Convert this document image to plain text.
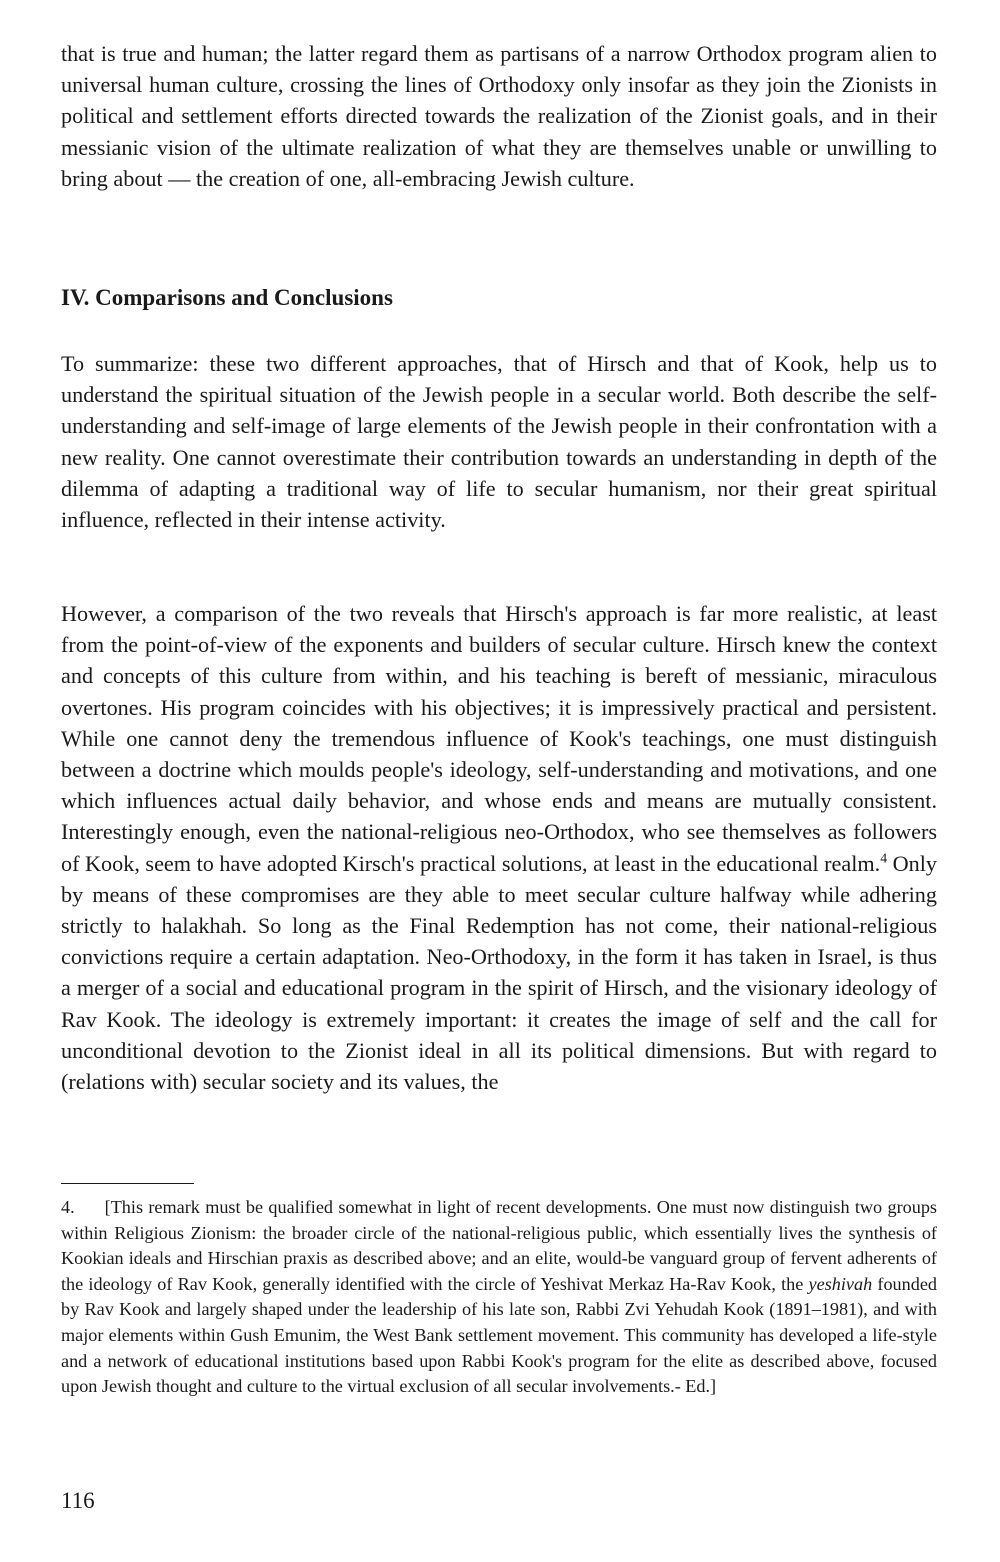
that is true and human; the latter regard them as partisans of a narrow Orthodox program alien to universal human culture, crossing the lines of Orthodoxy only insofar as they join the Zionists in political and settlement efforts directed towards the realization of the Zionist goals, and in their messianic vision of the ultimate realization of what they are themselves unable or unwilling to bring about — the creation of one, all-embracing Jewish culture.

IV. Comparisons and Conclusions

To summarize: these two different approaches, that of Hirsch and that of Kook, help us to understand the spiritual situation of the Jewish people in a secular world. Both describe the self-understanding and self-image of large elements of the Jewish people in their confrontation with a new reality. One cannot overestimate their contribution towards an understanding in depth of the dilemma of adapting a traditional way of life to secular humanism, nor their great spiritual influence, reflected in their intense activity.

However, a comparison of the two reveals that Hirsch's approach is far more realistic, at least from the point-of-view of the exponents and builders of secular culture. Hirsch knew the context and concepts of this culture from within, and his teaching is bereft of messianic, miraculous overtones. His program coincides with his objectives; it is impressively practical and persistent. While one cannot deny the tremendous influence of Kook's teachings, one must distinguish between a doctrine which moulds people's ideology, self-understanding and motivations, and one which influences actual daily behavior, and whose ends and means are mutually consistent. Interestingly enough, even the national-religious neo-Orthodox, who see themselves as followers of Kook, seem to have adopted Kirsch's practical solutions, at least in the educational realm.$^4$ Only by means of these compromises are they able to meet secular culture halfway while adhering strictly to halakhah. So long as the Final Redemption has not come, their national-religious convictions require a certain adaptation. Neo-Orthodoxy, in the form it has taken in Israel, is thus a merger of a social and educational program in the spirit of Hirsch, and the visionary ideology of Rav Kook. The ideology is extremely important: it creates the image of self and the call for unconditional devotion to the Zionist ideal in all its political dimensions. But with regard to (relations with) secular society and its values, the

4. [This remark must be qualified somewhat in light of recent developments. One must now distinguish two groups within Religious Zionism: the broader circle of the national-religious public, which essentially lives the synthesis of Kookian ideals and Hirschian praxis as described above; and an elite, would-be vanguard group of fervent adherents of the ideology of Rav Kook, generally identified with the circle of Yeshivat Merkaz Ha-Rav Kook, the yeshivah founded by Rav Kook and largely shaped under the leadership of his late son, Rabbi Zvi Yehudah Kook (1891–1981), and with major elements within Gush Emunim, the West Bank settlement movement. This community has developed a life-style and a network of educational institutions based upon Rabbi Kook's program for the elite as described above, focused upon Jewish thought and culture to the virtual exclusion of all secular involvements.- Ed.]

116
